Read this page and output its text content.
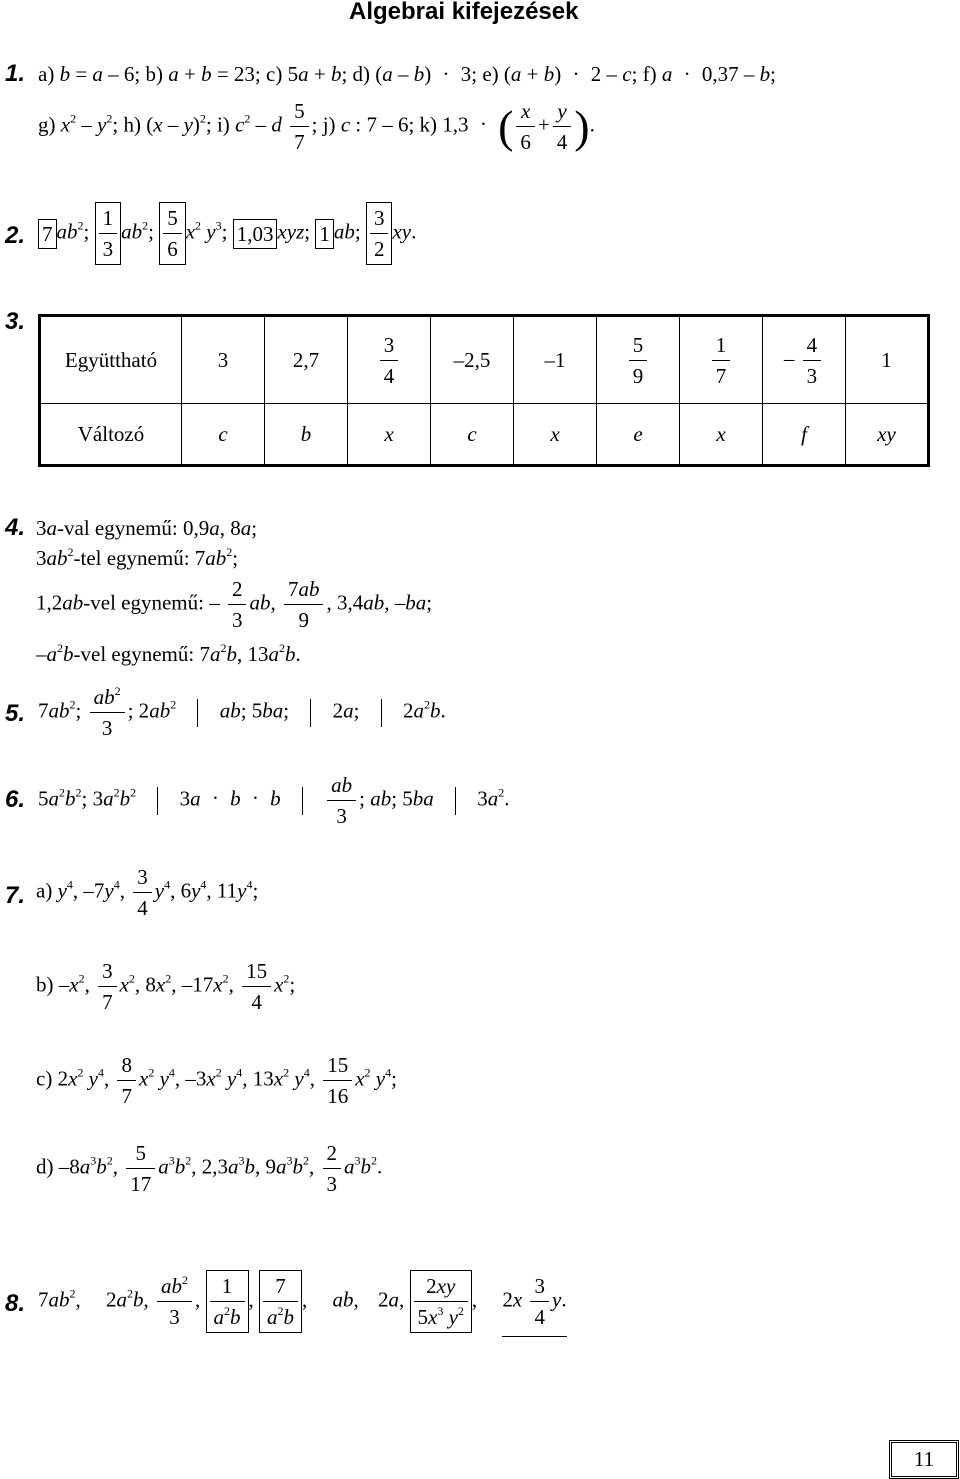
Algebrai kifejezések
1. a) b = a – 6; b) a + b = 23; c) 5a + b; d) (a – b) · 3; e) (a + b) · 2 – c; f) a · 0,37 – b;
g) $x^2 - y^2$; h) (x – y)$^2$; i) $c^2$ – d $\frac{5}{7}$ ; j) c : 7 – 6; k) 1,3 · ( $\frac{x}{6} + \frac{y}{4}$ ).
2. 7 $ab^2$; $\frac{1}{3} ab^2$; $\frac{5}{6} x^2$ $y^3$; 1,03 xyz; 1 ab; $\frac{3}{2}$ xy.
3.
Együttható	3	2,7	$\frac{3}{4}$	–2,5	–1	$\frac{5}{9}$	$\frac{1}{7}$	– $\frac{4}{3}$	1
Változó	c	b	x	c	x	e	x	f	xy
4. 3a-val egynemű: 0,9a, 8a;
$3ab^2$-tel egynemű: $7ab^2$;
1,2ab-vel egynemű: – $\frac{2}{3}$ ab, $\frac{7ab}{9}$ , 3,4ab, –ba;
$-a^2b$-vel egynemű: $7a^2b$, $13a^2b$.
5. $7ab^2$; $\frac{ab^2}{3}$ ; $2ab^2$ ab; 5ba;  2a;  $2a^2b$.
6. $5a^2b^2$; $3a^2b^2$  3a · b · b $\frac{ab}{3}$ ; ab; 5ba  $3a^2$.
7. a) $y^4$, $-7y^4$, $\frac{3}{4} y^4$, $6y^4$, $11y^4$;
b) $-x^2$, $\frac{3}{7} x^2$, $8x^2$, $-17x^2$, $\frac{15}{4} x^2$;
c) $2x^2$ $y^4$, $\frac{8}{7} x^2$ $y^4$, $-3x^2$ $y^4$, $13x^2$ $y^4$, $\frac{15}{16} x^2$ $y^4$;
d) $-8a^3b^2$, $\frac{5}{17} a^3b^2$, $2,3a^3b$, $9a^3b^2$, $\frac{2}{3} a^3b^2$.
8. $7ab^2$, $2a^2b$, $\frac{ab^2}{3}$ , $\frac{1}{a^2b}$ , $\frac{7}{a^2b}$ , ab, 2a, $\frac{2xy}{5x^3 y^2}$ , $2x \frac{3}{4} y$.
11
